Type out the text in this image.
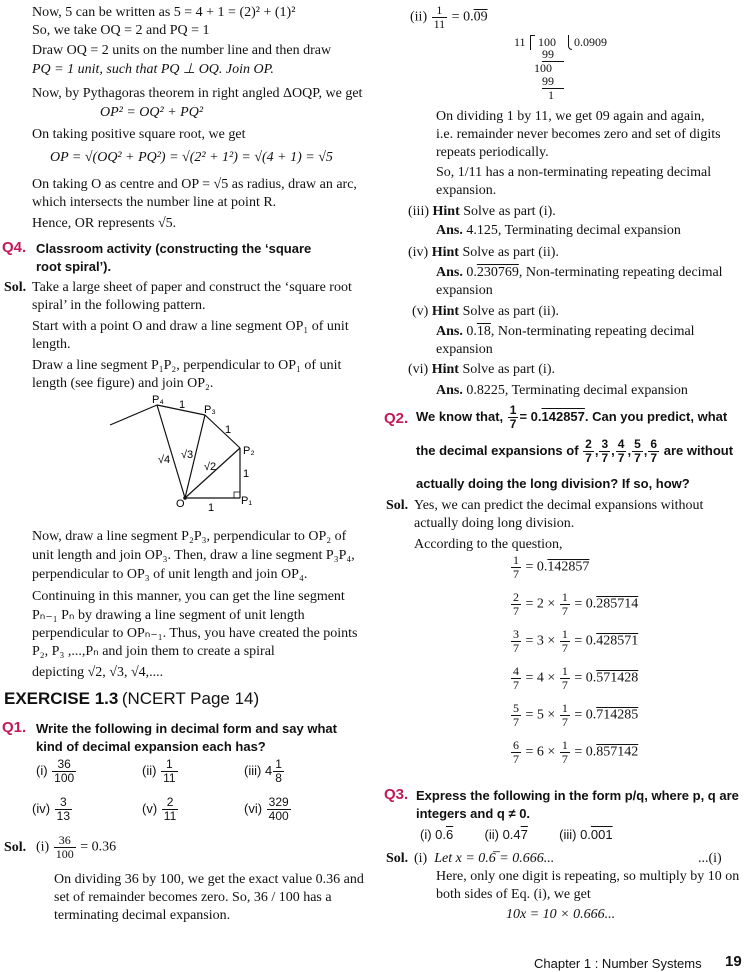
Now, 5 can be written as 5 = 4 + 1 = (2)² + (1)²
So, we take OQ = 2 and PQ = 1
Draw OQ = 2 units on the number line and then draw
PQ = 1 unit, such that PQ ⊥ OQ. Join OP.
Now, by Pythagoras theorem in right angled ΔOQP, we get
OP² = OQ² + PQ²
On taking positive square root, we get
OP = √(OQ² + PQ²) = √(2² + 1²) = √(4 + 1) = √5
On taking O as centre and OP = √5 as radius, draw an arc,
which intersects the number line at point R.
Hence, OR represents √5.
Q4. Classroom activity (constructing the ‘square
root spiral’).
Sol. Take a large sheet of paper and construct the ‘square root
spiral’ in the following pattern.
Start with a point O and draw a line segment OP₁ of unit
length.
Draw a line segment P₁P₂, perpendicular to OP₁ of unit
length (see figure) and join OP₂.
P₄ 1 P₃
1
P₂
1
P₁
1
O
√4 √3
√2
Now, draw a line segment P₂P₃, perpendicular to OP₂ of
unit length and join OP₃. Then, draw a line segment P₃P₄,
perpendicular to OP₃ of unit length and join OP₄.
Continuing in this manner, you can get the line segment
Pₙ₋₁ Pₙ by drawing a line segment of unit length
perpendicular to OPₙ₋₁. Thus, you have created the points
P₂, P₃ ,...,Pₙ and join them to create a spiral
depicting √2, √3, √4,....
EXERCISE 1.3 (NCERT Page 14)
Q1. Write the following in decimal form and say what
kind of decimal expansion each has?
$(i) \frac{36}{100}$	$(ii) \frac{1}{11}$	(iii) $4 \frac{1}{8}$
$(iv) \frac{3}{13}$	$(v) \frac{2}{11}$	$(vi) \frac{329}{400}$
Sol. $(i) \frac{36}{100} = 0.36$
On dividing 36 by 100, we get the exact value 0.36 and
set of remainder becomes zero. So, 36 / 100 has a
terminating decimal expansion.
$(ii) \frac{1}{11} = 0.09$
11 100 0.0909
99
100
99
1
On dividing 1 by 11, we get 09 again and again,
i.e. remainder never becomes zero and set of digits
repeats periodically.
So, 1/11 has a non-terminating repeating decimal
expansion.
(iii) Hint Solve as part (i).
Ans. 4.125, Terminating decimal expansion
(iv) Hint Solve as part (ii).
Ans. 0.230769, Non-terminating repeating decimal
expansion
(v) Hint Solve as part (ii).
Ans. 0.18, Non-terminating repeating decimal
expansion
(vi) Hint Solve as part (i).
Ans. 0.8225, Terminating decimal expansion
Q2. We know that, $\frac{1}{7} = 0.142857$. Can you predict, what
the decimal expansions of $\frac{2}{7}$ , $\frac{3}{7}$ , $\frac{4}{7}$ , $\frac{5}{7}$ , $\frac{6}{7}$ are without
actually doing the long division? If so, how?
Sol. Yes, we can predict the decimal expansions without
actually doing long division.
According to the question,
$\frac{1}{7} = 0.142857$
$\frac{2}{7} = 2 \times \frac{1}{7} = 0.285714$
$\frac{3}{7} = 3 \times \frac{1}{7} = 0.428571$
$\frac{4}{7} = 4 \times \frac{1}{7} = 0.571428$
$\frac{5}{7} = 5 \times \frac{1}{7} = 0.714285$
$\frac{6}{7} = 6 \times \frac{1}{7} = 0.857142$
Q3. Express the following in the form p/q, where p, q are
integers and q ≠ 0.
(i) 0.6 (ii) 0.47 (iii) 0.001
Sol. (i) Let x = 0.6̅ = 0.666...	...(i)
Here, only one digit is repeating, so multiply by 10 on
both sides of Eq. (i), we get
10x = 10 × 0.666...
Chapter 1 : Number Systems 19
